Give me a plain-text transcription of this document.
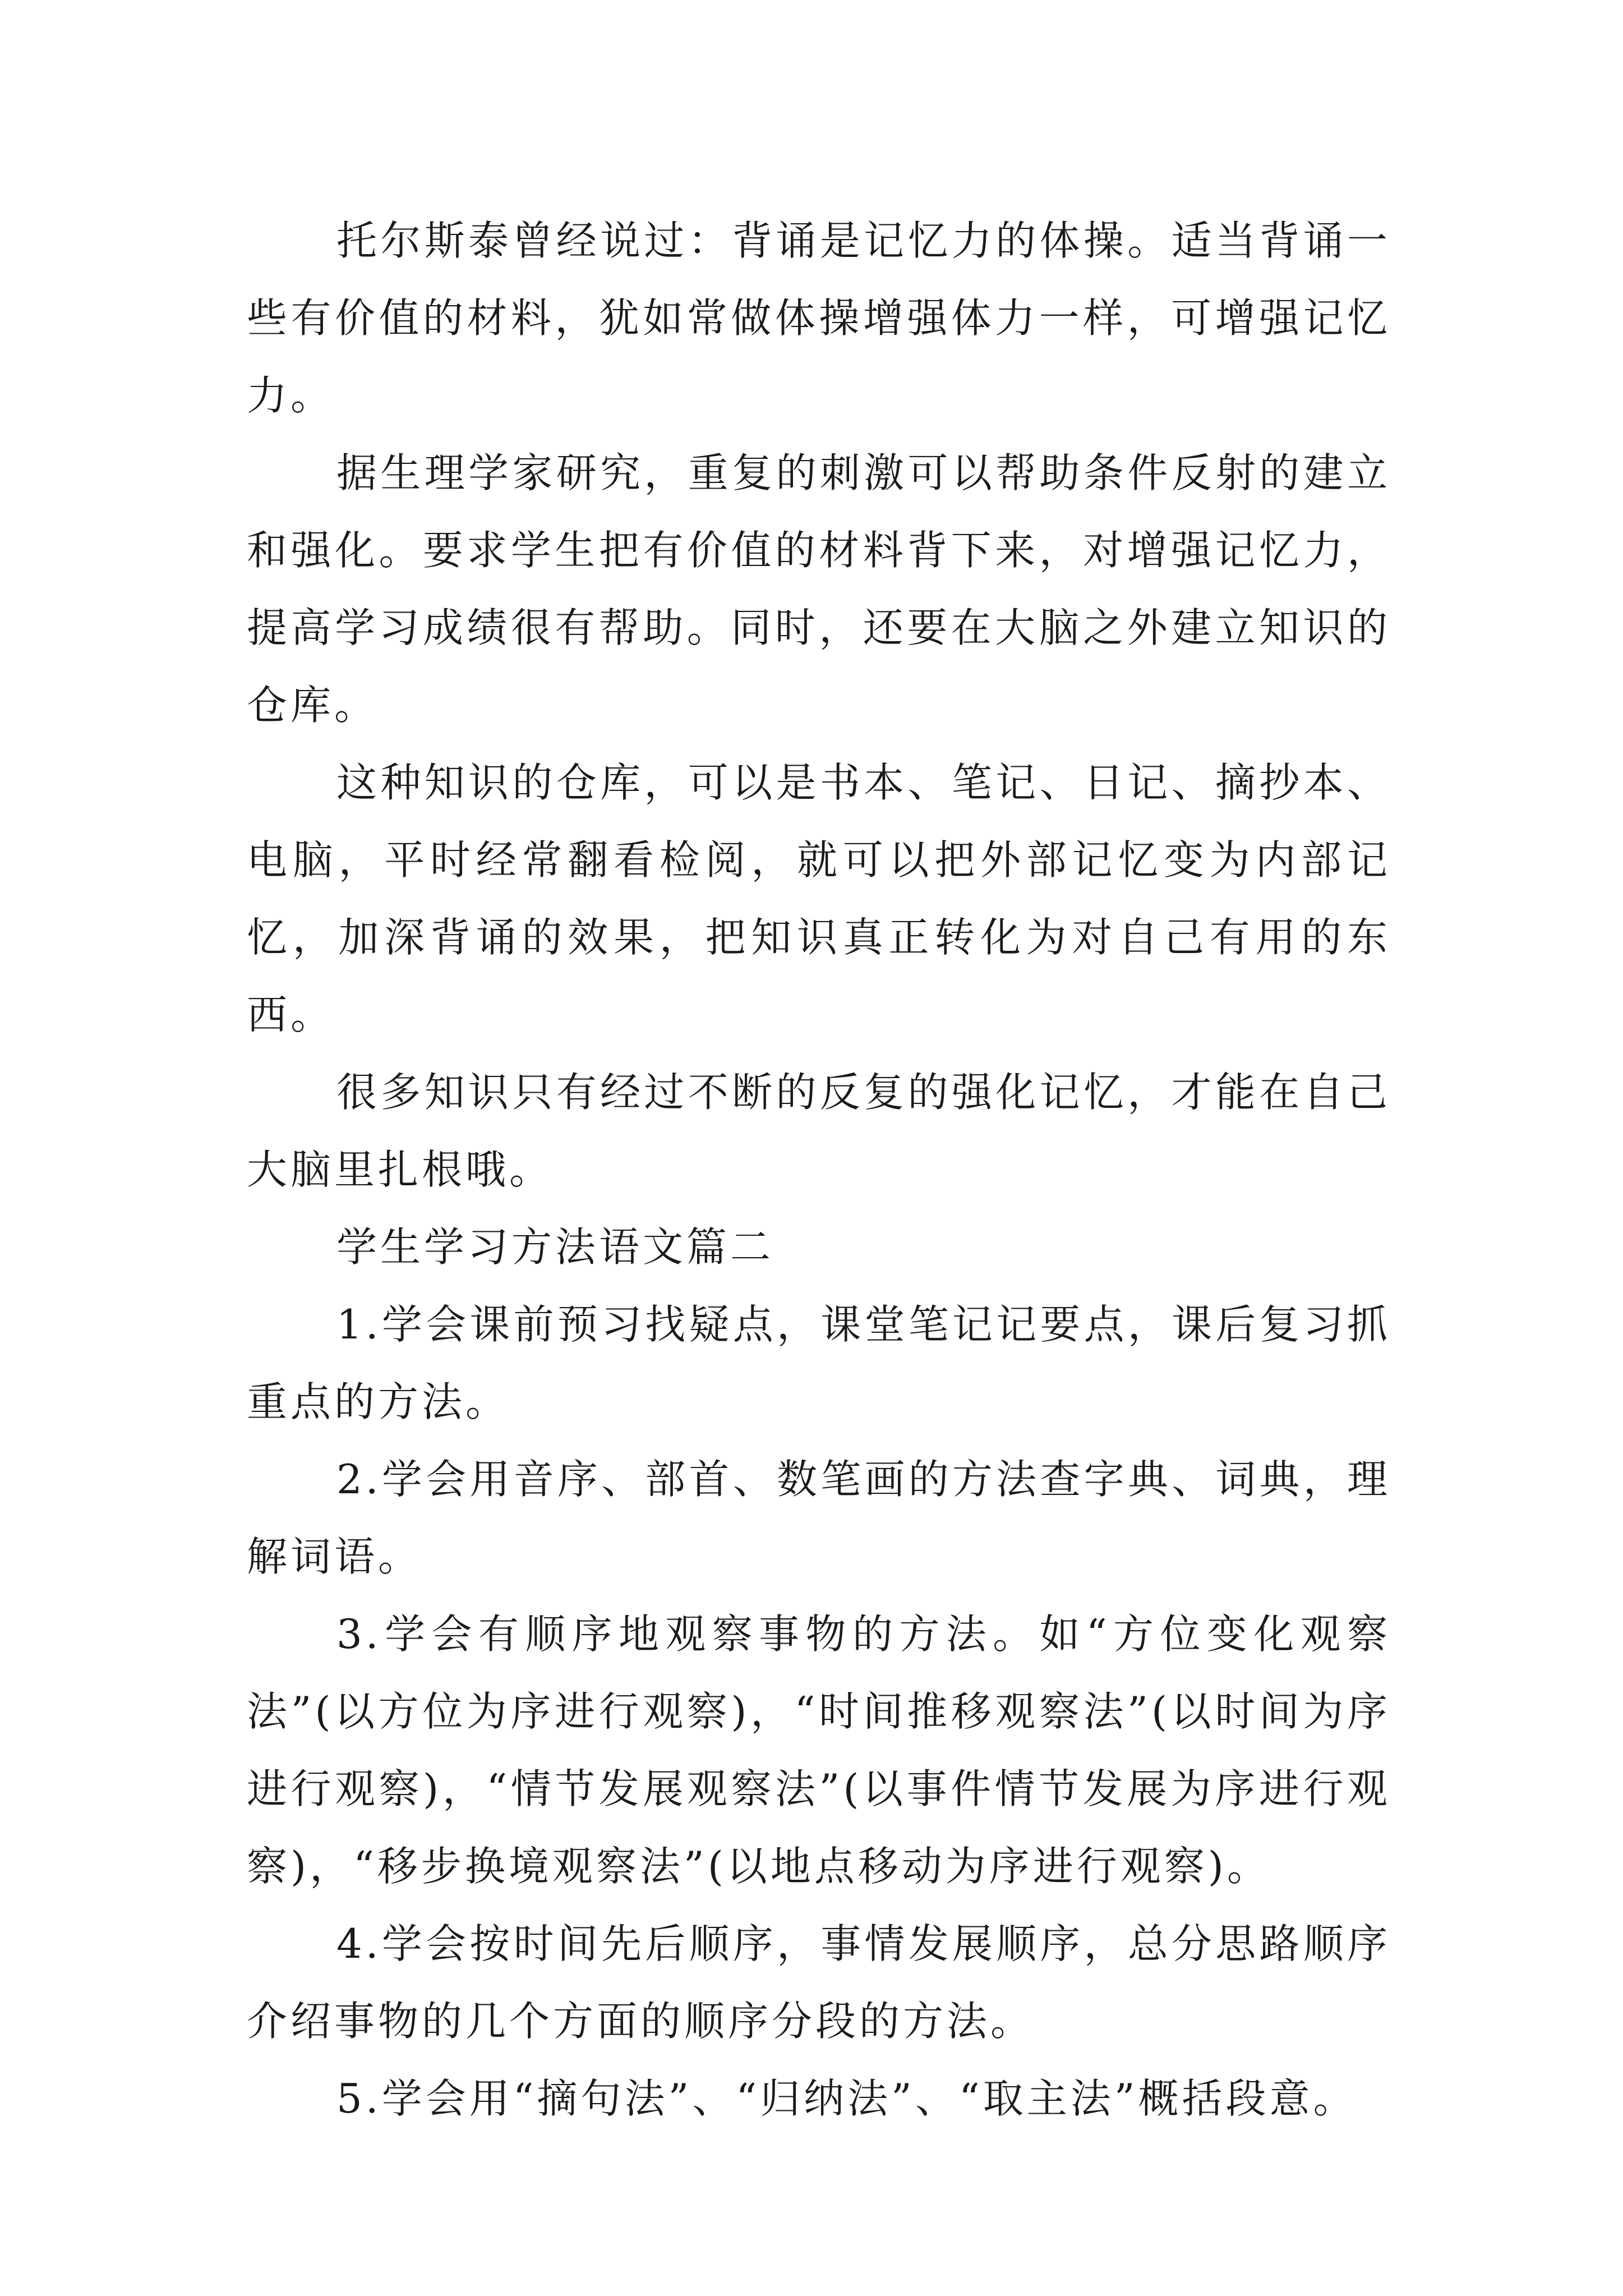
托尔斯泰曾经说过：背诵是记忆力的体操。适当背诵一些有价值的材料，犹如常做体操增强体力一样，可增强记忆力。

据生理学家研究，重复的刺激可以帮助条件反射的建立和强化。要求学生把有价值的材料背下来，对增强记忆力，提高学习成绩很有帮助。同时，还要在大脑之外建立知识的仓库。

这种知识的仓库，可以是书本、笔记、日记、摘抄本、电脑，平时经常翻看检阅，就可以把外部记忆变为内部记忆，加深背诵的效果，把知识真正转化为对自己有用的东西。

很多知识只有经过不断的反复的强化记忆，才能在自己大脑里扎根哦。

学生学习方法语文篇二

1.学会课前预习找疑点，课堂笔记记要点，课后复习抓重点的方法。

2.学会用音序、部首、数笔画的方法查字典、词典，理解词语。

3.学会有顺序地观察事物的方法。如“方位变化观察法”(以方位为序进行观察)，“时间推移观察法”(以时间为序进行观察)，“情节发展观察法”(以事件情节发展为序进行观察)，“移步换境观察法”(以地点移动为序进行观察)。

4.学会按时间先后顺序，事情发展顺序，总分思路顺序介绍事物的几个方面的顺序分段的方法。

5.学会用“摘句法”、“归纳法”、“取主法”概括段意。
